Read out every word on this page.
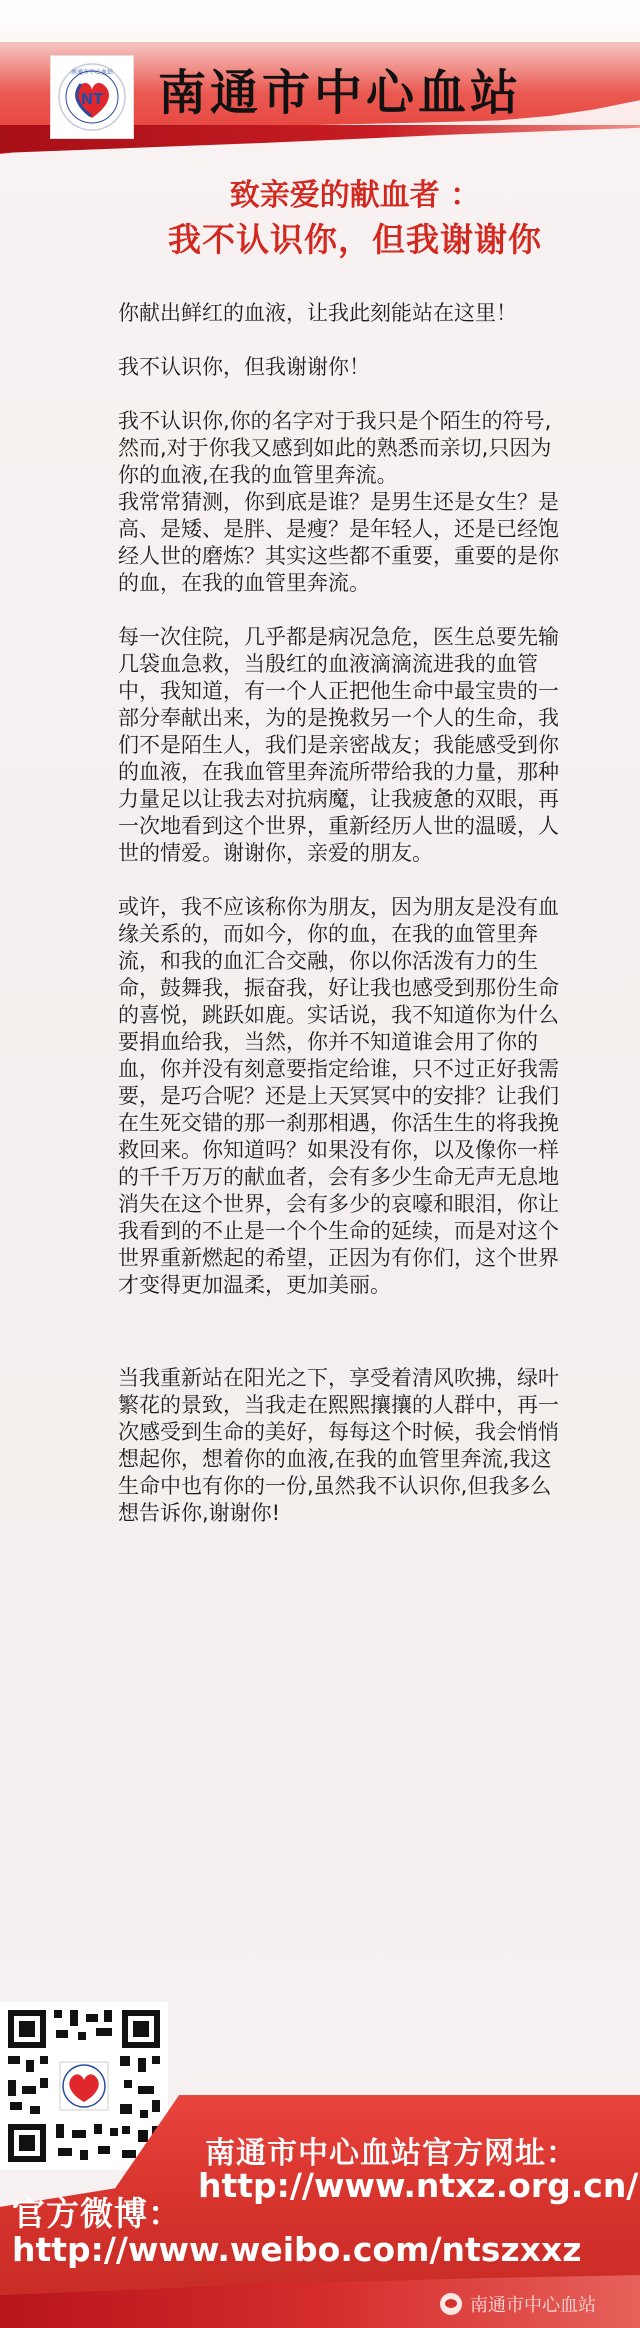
NT
南通市中心血站 南通市中心血站
致亲爱的献血者 ：
我不认识你，但我谢谢你

你献出鲜红的血液，让我此刻能站在这里！

我不认识你，但我谢谢你！

我不认识你,你的名字对于我只是个陌生的符号,然而,对于你我又感到如此的熟悉而亲切,只因为你的血液,在我的血管里奔流。

我常常猜测，你到底是谁？是男生还是女生？是高、是矮、是胖、是瘦？是年轻人，还是已经饱经人世的磨炼？其实这些都不重要，重要的是你的血，在我的血管里奔流。

每一次住院，几乎都是病况急危，医生总要先输几袋血急救，当殷红的血液滴滴流进我的血管中，我知道，有一个人正把他生命中最宝贵的一部分奉献出来，为的是挽救另一个人的生命，我们不是陌生人，我们是亲密战友；我能感受到你的血液，在我血管里奔流所带给我的力量，那种力量足以让我去对抗病魔，让我疲惫的双眼，再一次地看到这个世界，重新经历人世的温暖，人世的情爱。谢谢你，亲爱的朋友。

或许，我不应该称你为朋友，因为朋友是没有血缘关系的，而如今，你的血，在我的血管里奔流，和我的血汇合交融，你以你活泼有力的生命，鼓舞我，振奋我，好让我也感受到那份生命的喜悦，跳跃如鹿。实话说，我不知道你为什么要捐血给我，当然，你并不知道谁会用了你的血，你并没有刻意要指定给谁，只不过正好我需要，是巧合呢？还是上天冥冥中的安排？让我们在生死交错的那一刹那相遇，你活生生的将我挽救回来。你知道吗？如果没有你，以及像你一样的千千万万的献血者，会有多少生命无声无息地消失在这个世界，会有多少的哀嚎和眼泪，你让我看到的不止是一个个生命的延续，而是对这个世界重新燃起的希望，正因为有你们，这个世界才变得更加温柔，更加美丽。

当我重新站在阳光之下，享受着清风吹拂，绿叶繁花的景致，当我走在熙熙攘攘的人群中，再一次感受到生命的美好，每每这个时候，我会悄悄想起你，想着你的血液,在我的血管里奔流,我这生命中也有你的一份,虽然我不认识你,但我多么想告诉你,谢谢你!

南通市中心血站官方网址：
http://www.ntxz.org.cn/
官方微博：
http://www.weibo.com/ntszxxz
南通市中心血站
